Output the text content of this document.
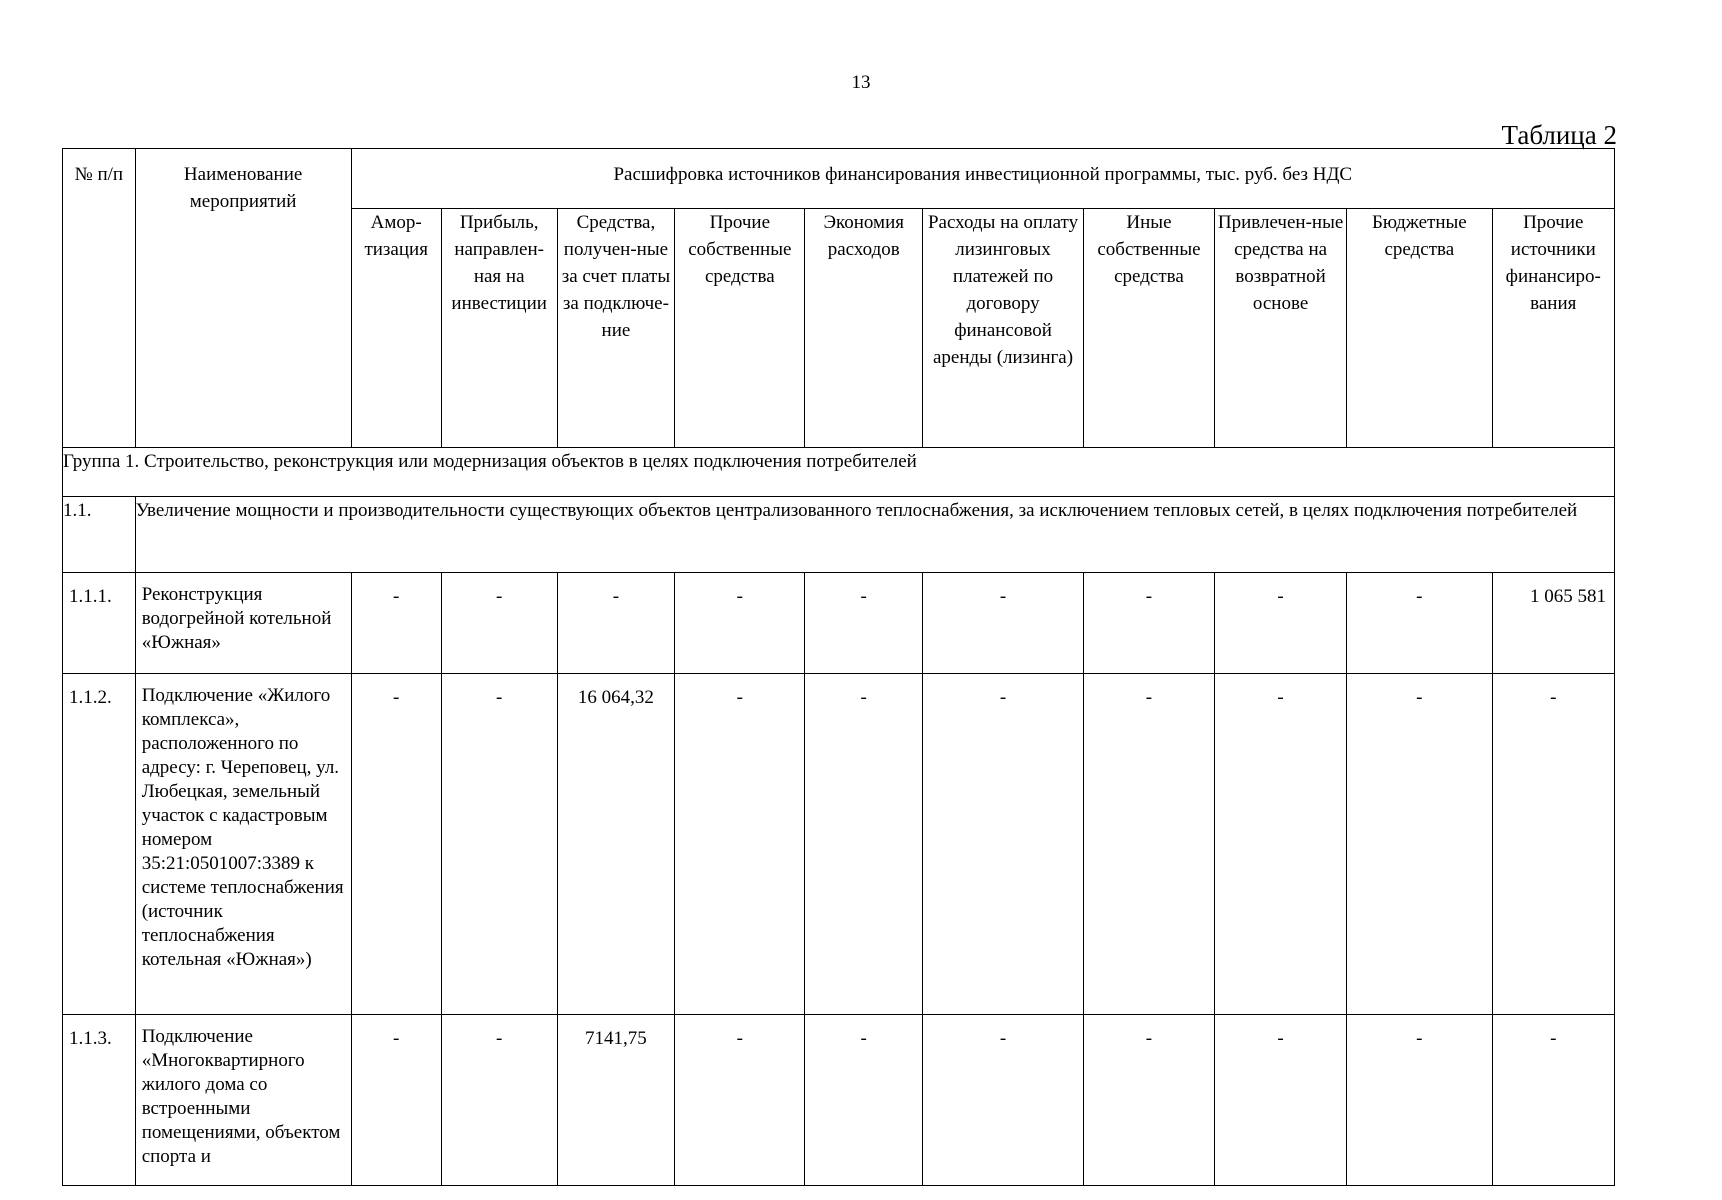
13
Таблица 2
№ п/п	Наименование мероприятий	Расшифровка источников финансирования инвестиционной программы, тыс. руб. без НДС									
		Амор-тизация	Прибыль, направлен-ная на инвестиции	Средства, получен-ные за счет платы за подключе-ние	Прочие собственные средства	Экономия расходов	Расходы на оплату лизинговых платежей по договору финансовой аренды (лизинга)	Иные собственные средства	Привлечен-ные средства на возвратной основе	Бюджетные средства	Прочие источники финансиро-вания
Группа 1. Строительство, реконструкция или модернизация объектов в целях подключения потребителей											
1.1.	Увеличение мощности и производительности существующих объектов централизованного теплоснабжения, за исключением тепловых сетей, в целях подключения потребителей										
1.1.1.	Реконструкция водогрейной котельной «Южная»	-	-	-	-	-	-	-	-	-	1 065 581
1.1.2.	Подключение «Жилого комплекса», расположенного по адресу: г. Череповец, ул. Любецкая, земельный участок с кадастровым номером 35:21:0501007:3389 к системе теплоснабжения (источник теплоснабжения котельная «Южная»)	-	-	16 064,32	-	-	-	-	-	-	-
1.1.3.	Подключение «Многоквартирного жилого дома со встроенными помещениями, объектом спорта и	-	-	7141,75	-	-	-	-	-	-	-
